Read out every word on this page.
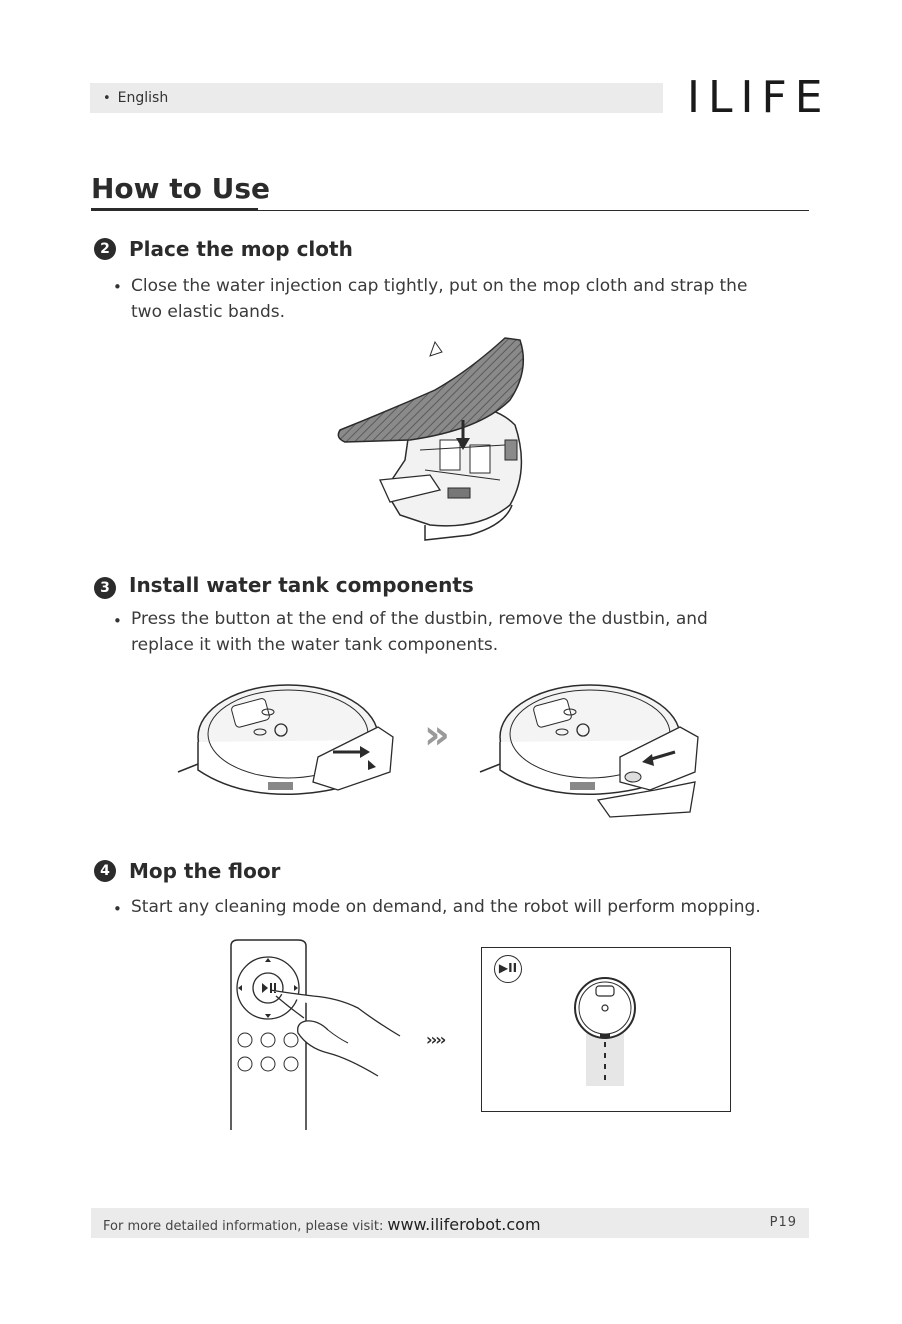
• English	ILIFE
How to Use
2 Place the mop cloth
• Close the water injection cap tightly, put on the mop cloth and strap the
two elastic bands.
3 Install water tank components
• Press the button at the end of the dustbin, remove the dustbin, and
replace it with the water tank components.
»
4 Mop the floor
• Start any cleaning mode on demand, and the robot will perform mopping.
››››
▶II
For more detailed information, please visit: www.iliferobot.com	P19
